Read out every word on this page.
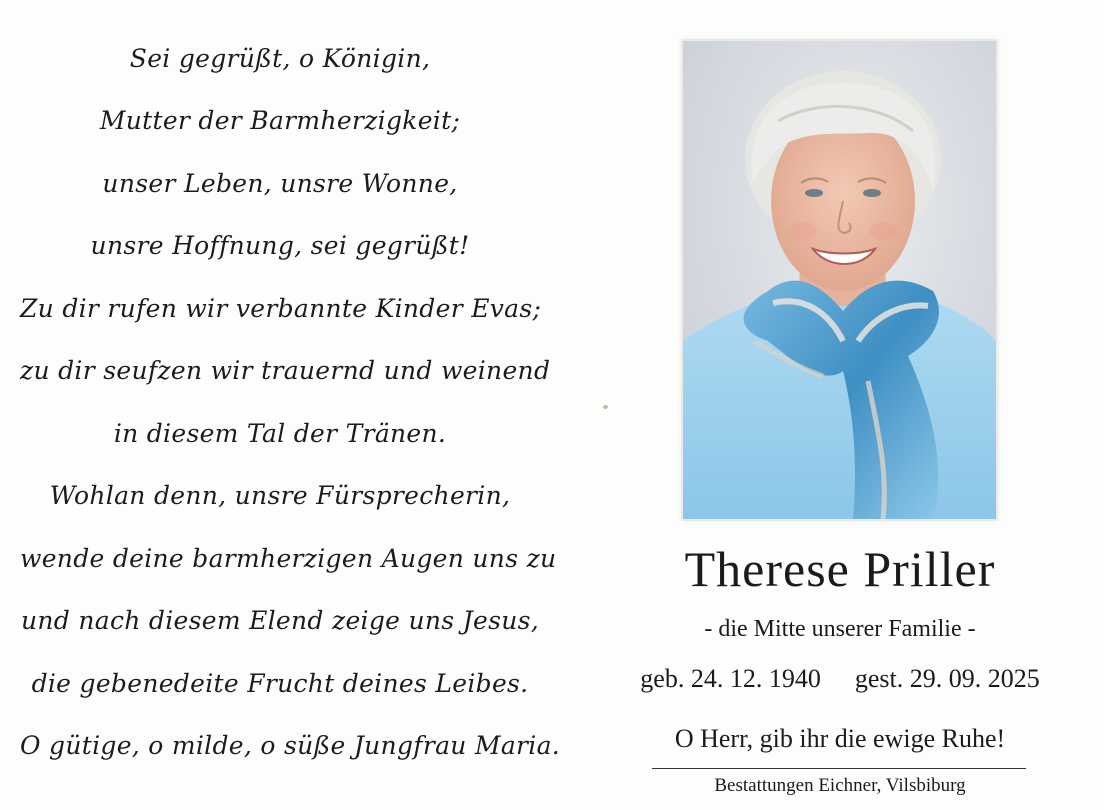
Sei gegrüßt, o Königin,
Mutter der Barmherzigkeit;
unser Leben, unsre Wonne,
unsre Hoffnung, sei gegrüßt!
Zu dir rufen wir verbannte Kinder Evas;
zu dir seufzen wir trauernd und weinend
in diesem Tal der Tränen.
Wohlan denn, unsre Fürsprecherin,
wende deine barmherzigen Augen uns zu
und nach diesem Elend zeige uns Jesus,
die gebenedeite Frucht deines Leibes.
O gütige, o milde, o süße Jungfrau Maria.
Therese Priller
- die Mitte unserer Familie -
geb. 24. 12. 1940 gest. 29. 09. 2025
O Herr, gib ihr die ewige Ruhe!
Bestattungen Eichner, Vilsbiburg
